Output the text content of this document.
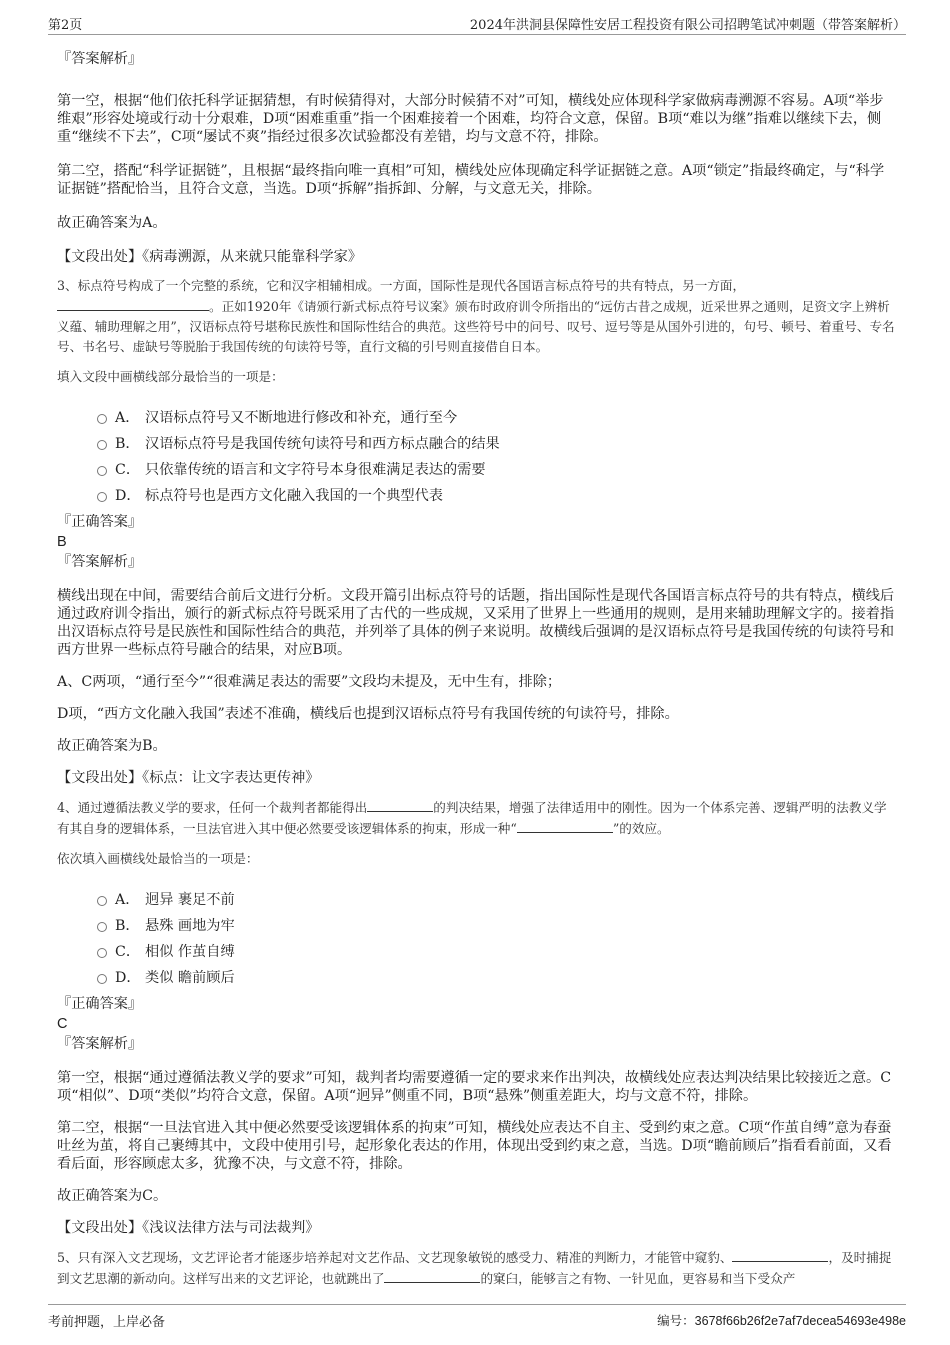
第2页	2024年洪洞县保障性安居工程投资有限公司招聘笔试冲刺题（带答案解析）

『答案解析』

第一空，根据“他们依托科学证据猜想，有时候猜得对，大部分时候猜不对”可知，横线处应体现科学家做病毒溯源不容易。A项“举步维艰”形容处境或行动十分艰难，D项“困难重重”指一个困难接着一个困难，均符合文意，保留。B项“难以为继”指难以继续下去，侧重“继续不下去”，C项“屡试不爽”指经过很多次试验都没有差错，均与文意不符，排除。

第二空，搭配“科学证据链”，且根据“最终指向唯一真相”可知，横线处应体现确定科学证据链之意。A项“锁定”指最终确定，与“科学证据链”搭配恰当，且符合文意，当选。D项“拆解”指拆卸、分解，与文意无关，排除。

故正确答案为A。

【文段出处】《病毒溯源，从来就只能靠科学家》

3、标点符号构成了一个完整的系统，它和汉字相辅相成。一方面，国际性是现代各国语言标点符号的共有特点，另一方面，
。正如1920年《请颁行新式标点符号议案》颁布时政府训令所指出的“远仿古昔之成规，近采世界之通则，足资文字上辨析义蕴、辅助理解之用”，汉语标点符号堪称民族性和国际性结合的典范。这些符号中的问号、叹号、逗号等是从国外引进的，句号、顿号、着重号、专名号、书名号、虚缺号等脱胎于我国传统的句读符号等，直行文稿的引号则直接借自日本。

填入文段中画横线部分最恰当的一项是：

A． 汉语标点符号又不断地进行修改和补充，通行至今
B． 汉语标点符号是我国传统句读符号和西方标点融合的结果
C． 只依靠传统的语言和文字符号本身很难满足表达的需要
D． 标点符号也是西方文化融入我国的一个典型代表

『正确答案』

B

『答案解析』

横线出现在中间，需要结合前后文进行分析。文段开篇引出标点符号的话题，指出国际性是现代各国语言标点符号的共有特点，横线后通过政府训令指出，颁行的新式标点符号既采用了古代的一些成规，又采用了世界上一些通用的规则，是用来辅助理解文字的。接着指出汉语标点符号是民族性和国际性结合的典范，并列举了具体的例子来说明。故横线后强调的是汉语标点符号是我国传统的句读符号和西方世界一些标点符号融合的结果，对应B项。

A、C两项，“通行至今”“很难满足表达的需要”文段均未提及，无中生有，排除；

D项，“西方文化融入我国”表述不准确，横线后也提到汉语标点符号有我国传统的句读符号，排除。

故正确答案为B。

【文段出处】《标点：让文字表达更传神》

4、通过遵循法教义学的要求，任何一个裁判者都能得出	的判决结果，增强了法律适用中的刚性。因为一个体系完善、逻辑严明的法教义学有其自身的逻辑体系，一旦法官进入其中便必然要受该逻辑体系的拘束，形成一种“	”的效应。

依次填入画横线处最恰当的一项是：

A． 迥异 裹足不前
B． 悬殊 画地为牢
C． 相似 作茧自缚
D． 类似 瞻前顾后

『正确答案』

C

『答案解析』

第一空，根据“通过遵循法教义学的要求”可知，裁判者均需要遵循一定的要求来作出判决，故横线处应表达判决结果比较接近之意。C项“相似”、D项“类似”均符合文意，保留。A项“迥异”侧重不同，B项“悬殊”侧重差距大，均与文意不符，排除。

第二空，根据“一旦法官进入其中便必然要受该逻辑体系的拘束”可知，横线处应表达不自主、受到约束之意。C项“作茧自缚”意为春蚕吐丝为茧，将自己裹缚其中，文段中使用引号，起形象化表达的作用，体现出受到约束之意，当选。D项“瞻前顾后”指看看前面，又看看后面，形容顾虑太多，犹豫不决，与文意不符，排除。

故正确答案为C。

【文段出处】《浅议法律方法与司法裁判》

5、只有深入文艺现场，文艺评论者才能逐步培养起对文艺作品、文艺现象敏锐的感受力、精准的判断力，才能管中窥豹、	，及时捕捉到文艺思潮的新动向。这样写出来的文艺评论，也就跳出了	的窠臼，能够言之有物、一针见血，更容易和当下受众产

考前押题，上岸必备	编号：3678f66b26f2e7af7decea54693e498e
